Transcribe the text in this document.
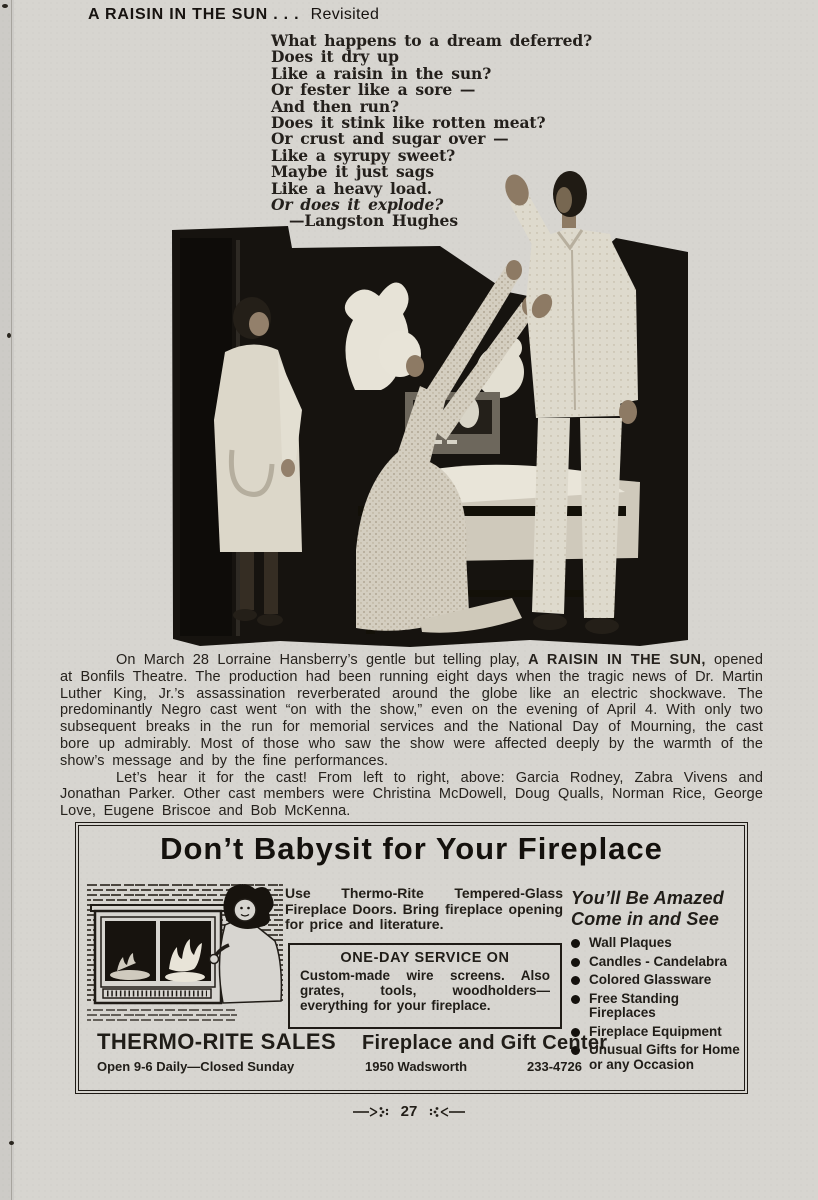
A RAISIN IN THE SUN . . . Revisited
What happens to a dream deferred?
Does it dry up
Like a raisin in the sun?
Or fester like a sore —
And then run?
Does it stink like rotten meat?
Or crust and sugar over —
Like a syrupy sweet?
Maybe it just sags
Like a heavy load.
Or does it explode?
—Langston Hughes

On March 28 Lorraine Hansberry’s gentle but telling play, A RAISIN IN THE SUN, opened at Bonfils Theatre. The production had been running eight days when the tragic news of Dr. Martin Luther King, Jr.’s assassination reverberated around the globe like an electric shockwave. The predominantly Negro cast went “on with the show,” even on the evening of April 4. With only two subsequent breaks in the run for memorial services and the National Day of Mourning, the cast bore up admirably. Most of those who saw the show were affected deeply by the warmth of the show’s message and by the fine performances.

Let’s hear it for the cast! From left to right, above: Garcia Rodney, Zabra Vivens and Jonathan Parker. Other cast members were Christina McDowell, Doug Qualls, Norman Rice, George Love, Eugene Briscoe and Bob McKenna.

Don’t Babysit for Your Fireplace
Use Thermo-Rite Tempered-Glass Fireplace Doors. Bring fireplace opening for price and literature.
ONE-DAY SERVICE ON
Custom-made wire screens. Also grates, tools, woodholders—everything for your fireplace.
You’ll Be Amazed
Come in and See
Wall Plaques
Candles - Candelabra
Colored Glassware
Free Standing Fireplaces
Fireplace Equipment
Unusual Gifts for Home or any Occasion
THERMO-RITE SALES Fireplace and Gift Center
Open 9-6 Daily—Closed Sunday	1950 Wadsworth	233-4726
27
